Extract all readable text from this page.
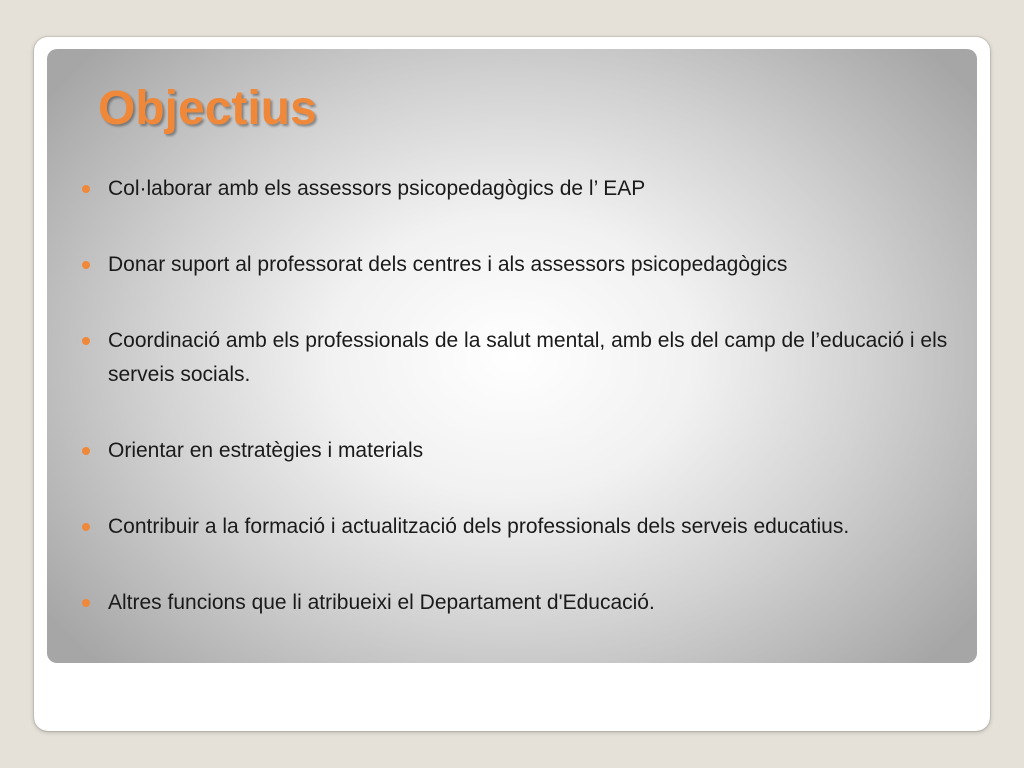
Objectius
Col·laborar amb els assessors psicopedagògics de l’ EAP
Donar suport al professorat dels centres i als assessors psicopedagògics
Coordinació amb els professionals de la salut mental, amb els del camp de l’educació i els serveis socials.
Orientar en estratègies i materials
Contribuir a la formació i actualització dels professionals dels serveis educatius.
Altres funcions que li atribueixi el Departament d'Educació.
